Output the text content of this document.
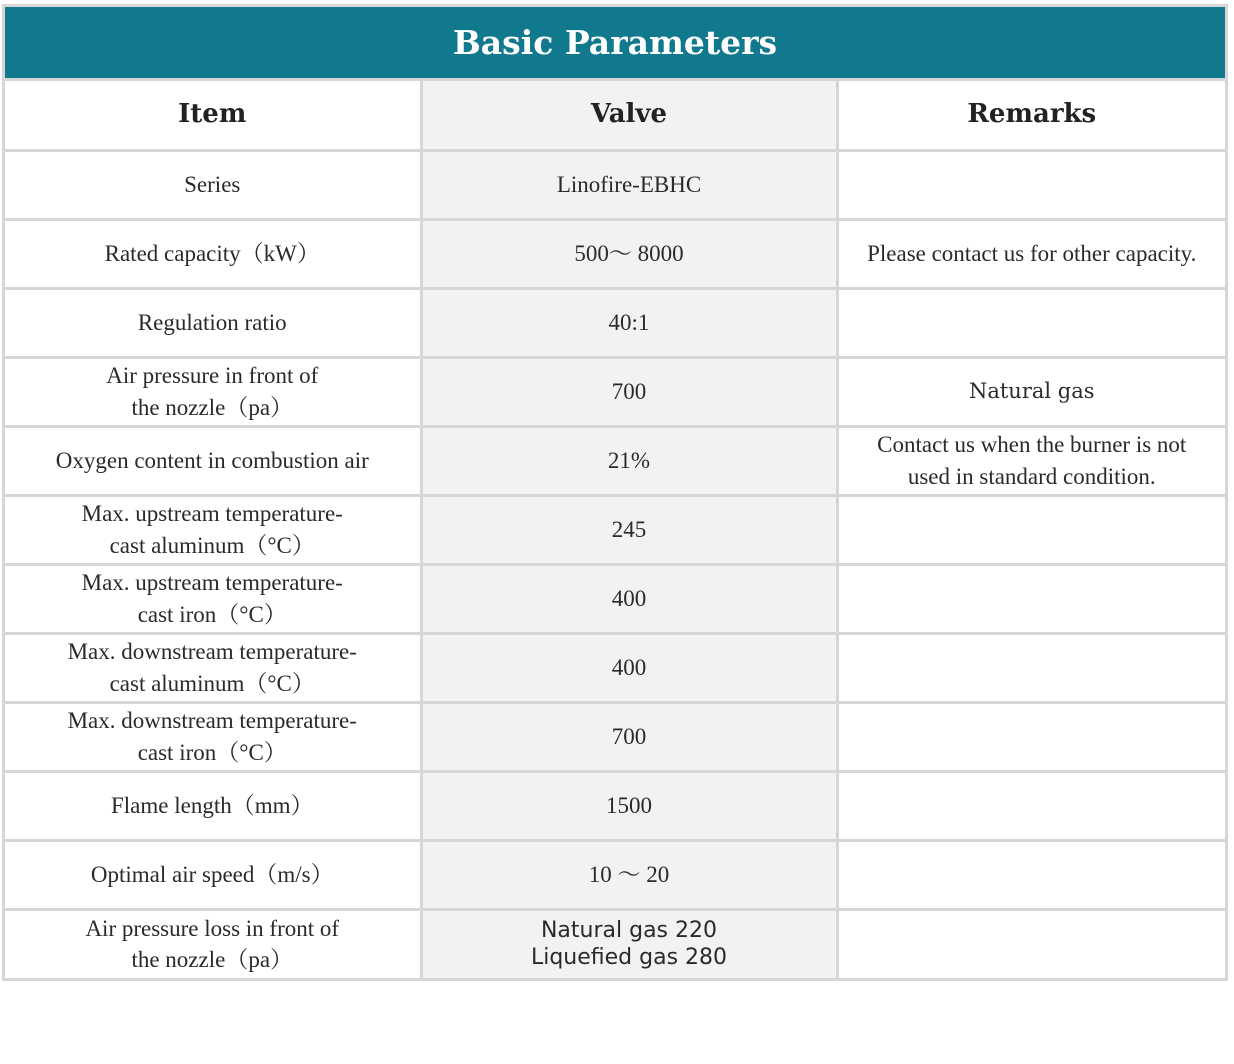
Basic Parameters
Item	Valve	Remarks

Series	Linofire-EBHC	

Rated capacity（kW）	500～ 8000	Please contact us for other capacity.

Regulation ratio	40:1	

Air pressure in front of
the nozzle（pa）	700	Natural gas

Oxygen content in combustion air	21%	Contact us when the burner is not
used in standard condition.

Max. upstream temperature-
cast aluminum（°C）	245	

Max. upstream temperature-
cast iron（°C）	400	

Max. downstream temperature-
cast aluminum（°C）	400	

Max. downstream temperature-
cast iron（°C）	700	

Flame length（mm）	1500	

Optimal air speed（m/s）	10 ～ 20	

Air pressure loss in front of
the nozzle（pa）	Natural gas 220
Liquefied gas 280	
